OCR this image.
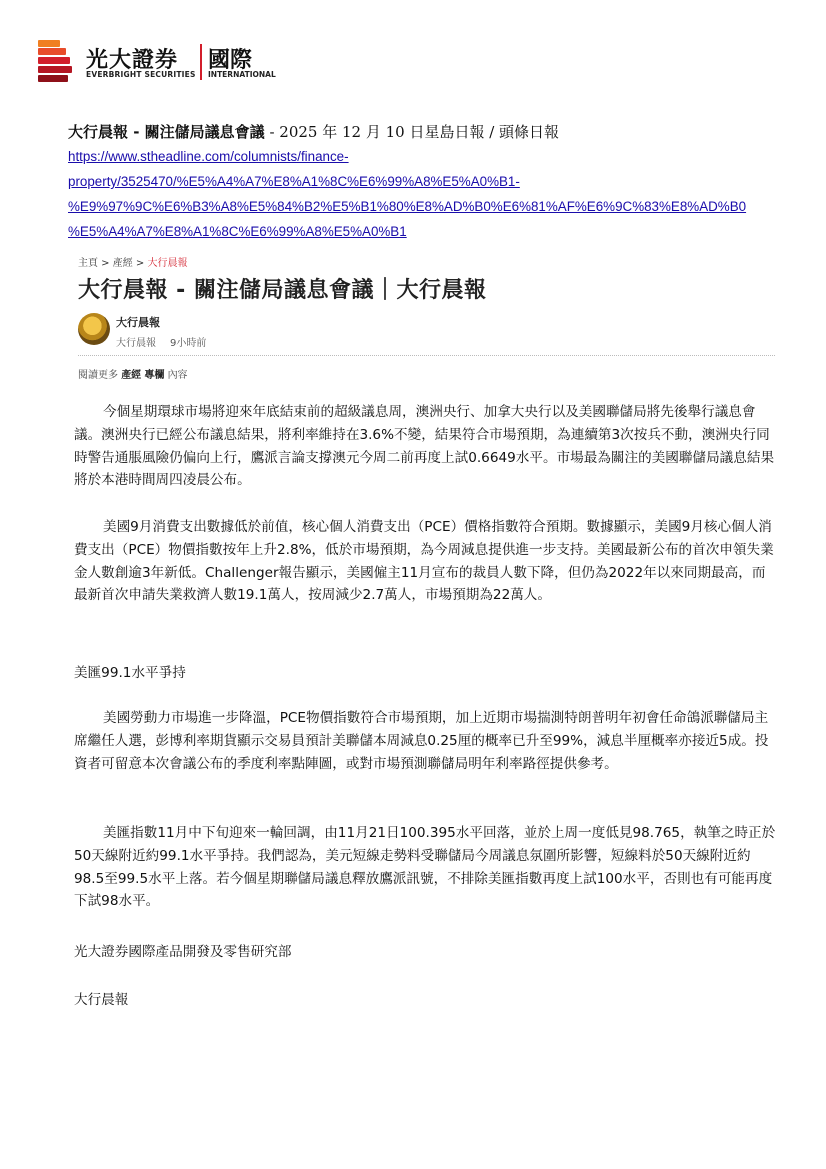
光大證券 國際
EVERBRIGHT SECURITIES INTERNATIONAL
大行晨報 - 關注儲局議息會議 - 2025 年 12 月 10 日星島日報 / 頭條日報
https://www.stheadline.com/columnists/finance-
property/3525470/%E5%A4%A7%E8%A1%8C%E6%99%A8%E5%A0%B1-
%E9%97%9C%E6%B3%A8%E5%84%B2%E5%B1%80%E8%AD%B0%E6%81%AF%E6%9C%83%E8%AD%B0
%E5%A4%A7%E8%A1%8C%E6%99%A8%E5%A0%B1
主頁 > 產經 > 大行晨報
大行晨報 - 關注儲局議息會議｜大行晨報
大行晨報
大行晨報 9小時前
閱讀更多 產經 專欄 內容

今個星期環球市場將迎來年底結束前的超級議息周，澳洲央行、加拿大央行以及美國聯儲局將先後舉行議息會議。澳洲央行已經公布議息結果，將利率維持在3.6%不變，結果符合市場預期，為連續第3次按兵不動，澳洲央行同時警告通脹風險仍偏向上行，鷹派言論支撐澳元今周二前再度上試0.6649水平。市場最為關注的美國聯儲局議息結果將於本港時間周四凌晨公布。

美國9月消費支出數據低於前值，核心個人消費支出（PCE）價格指數符合預期。數據顯示，美國9月核心個人消費支出（PCE）物價指數按年上升2.8%，低於市場預期，為今周減息提供進一步支持。美國最新公布的首次申領失業金人數創逾3年新低。Challenger報告顯示，美國僱主11月宣布的裁員人數下降，但仍為2022年以來同期最高，而最新首次申請失業救濟人數19.1萬人，按周減少2.7萬人，市場預期為22萬人。

美匯99.1水平爭持

美國勞動力市場進一步降溫，PCE物價指數符合市場預期，加上近期市場揣測特朗普明年初會任命鴿派聯儲局主席繼任人選，彭博利率期貨顯示交易員預計美聯儲本周減息0.25厘的概率已升至99%，減息半厘概率亦接近5成。投資者可留意本次會議公布的季度利率點陣圖，或對市場預測聯儲局明年利率路徑提供參考。

美匯指數11月中下旬迎來一輪回調，由11月21日100.395水平回落，並於上周一度低見98.765，執筆之時正於50天線附近約99.1水平爭持。我們認為，美元短線走勢料受聯儲局今周議息氛圍所影響，短線料於50天線附近約98.5至99.5水平上落。若今個星期聯儲局議息釋放鷹派訊號，不排除美匯指數再度上試100水平，否則也有可能再度下試98水平。

光大證券國際產品開發及零售研究部
大行晨報
